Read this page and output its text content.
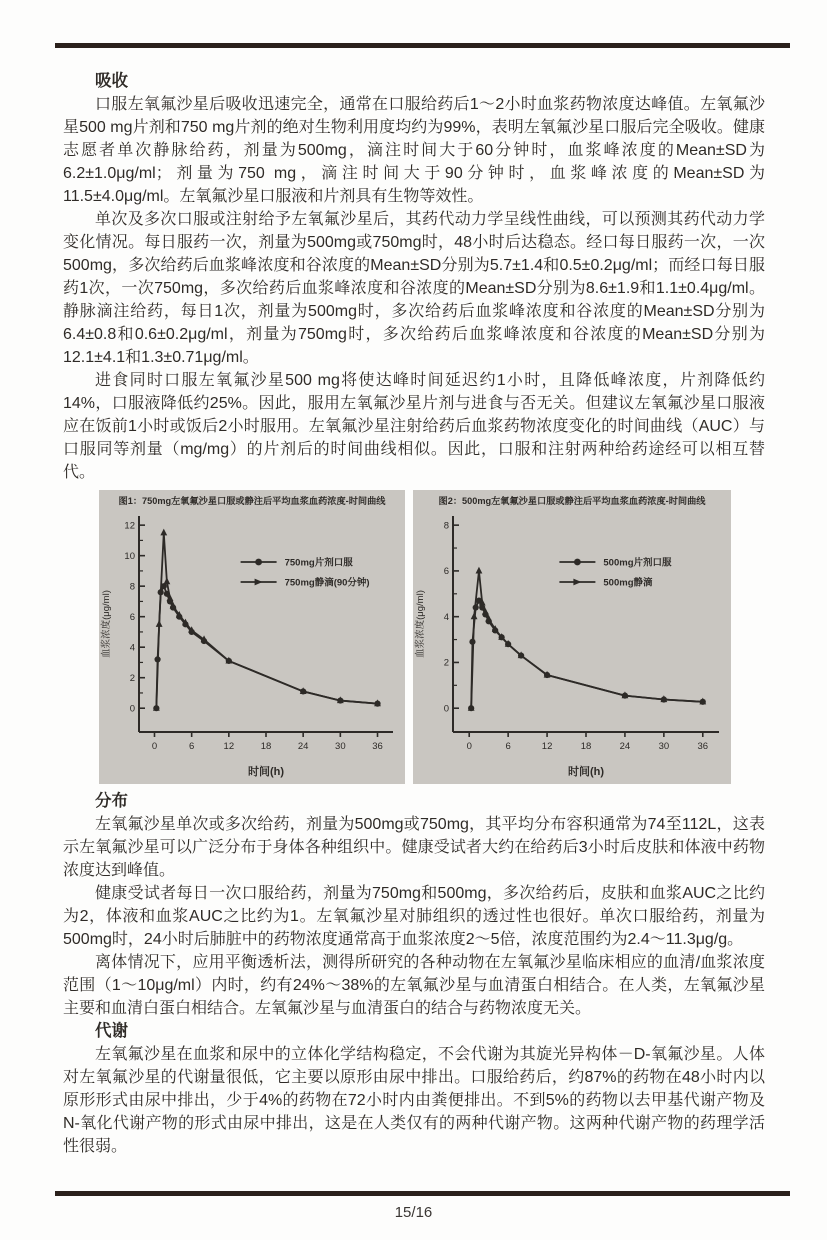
吸收

口服左氧氟沙星后吸收迅速完全，通常在口服给药后1～2小时血浆药物浓度达峰值。左氧氟沙星500 mg片剂和750 mg片剂的绝对生物利用度均约为99%，表明左氧氟沙星口服后完全吸收。健康志愿者单次静脉给药，剂量为500mg，滴注时间大于60分钟时，血浆峰浓度的Mean±SD为6.2±1.0μg/ml；剂量为750 mg，滴注时间大于90分钟时，血浆峰浓度的Mean±SD为11.5±4.0μg/ml。左氧氟沙星口服液和片剂具有生物等效性。

单次及多次口服或注射给予左氧氟沙星后，其药代动力学呈线性曲线，可以预测其药代动力学变化情况。每日服药一次，剂量为500mg或750mg时，48小时后达稳态。经口每日服药一次，一次500mg，多次给药后血浆峰浓度和谷浓度的Mean±SD分别为5.7±1.4和0.5±0.2μg/ml；而经口每日服药1次，一次750mg，多次给药后血浆峰浓度和谷浓度的Mean±SD分别为8.6±1.9和1.1±0.4μg/ml。静脉滴注给药，每日1次，剂量为500mg时，多次给药后血浆峰浓度和谷浓度的Mean±SD分别为6.4±0.8和0.6±0.2μg/ml，剂量为750mg时，多次给药后血浆峰浓度和谷浓度的Mean±SD分别为12.1±4.1和1.3±0.71μg/ml。

进食同时口服左氧氟沙星500 mg将使达峰时间延迟约1小时，且降低峰浓度，片剂降低约14%，口服液降低约25%。因此，服用左氧氟沙星片剂与进食与否无关。但建议左氧氟沙星口服液应在饭前1小时或饭后2小时服用。左氧氟沙星注射给药后血浆药物浓度变化的时间曲线（AUC）与口服同等剂量（mg/mg）的片剂后的时间曲线相似。因此，口服和注射两种给药途经可以相互替代。

图1：750mg左氧氟沙星口服或静注后平均血浆血药浓度-时间曲线
0
2
4
6
8
10
12
0	6	12	18	24	30	36
时间(h)
血浆浓度(μg/ml)
750mg片剂口服
750mg静滴(90分钟)
图2：500mg左氧氟沙星口服或静注后平均血浆血药浓度-时间曲线
0
2
4
6
8
0	6	12	18	24	30	36
时间(h)
血浆浓度(μg/ml)
500mg片剂口服
500mg静滴
分布

左氧氟沙星单次或多次给药，剂量为500mg或750mg，其平均分布容积通常为74至112L，这表示左氧氟沙星可以广泛分布于身体各种组织中。健康受试者大约在给药后3小时后皮肤和体液中药物浓度达到峰值。

健康受试者每日一次口服给药，剂量为750mg和500mg，多次给药后，皮肤和血浆AUC之比约为2，体液和血浆AUC之比约为1。左氧氟沙星对肺组织的透过性也很好。单次口服给药，剂量为500mg时，24小时后肺脏中的药物浓度通常高于血浆浓度2～5倍，浓度范围约为2.4～11.3μg/g。

离体情况下，应用平衡透析法，测得所研究的各种动物在左氧氟沙星临床相应的血清/血浆浓度范围（1～10μg/ml）内时，约有24%～38%的左氧氟沙星与血清蛋白相结合。在人类，左氧氟沙星主要和血清白蛋白相结合。左氧氟沙星与血清蛋白的结合与药物浓度无关。

代谢

左氧氟沙星在血浆和尿中的立体化学结构稳定，不会代谢为其旋光异构体－D-氧氟沙星。人体对左氧氟沙星的代谢量很低，它主要以原形由尿中排出。口服给药后，约87%的药物在48小时内以原形形式由尿中排出，少于4%的药物在72小时内由粪便排出。不到5%的药物以去甲基代谢产物及N-氧化代谢产物的形式由尿中排出，这是在人类仅有的两种代谢产物。这两种代谢产物的药理学活性很弱。

15/16
